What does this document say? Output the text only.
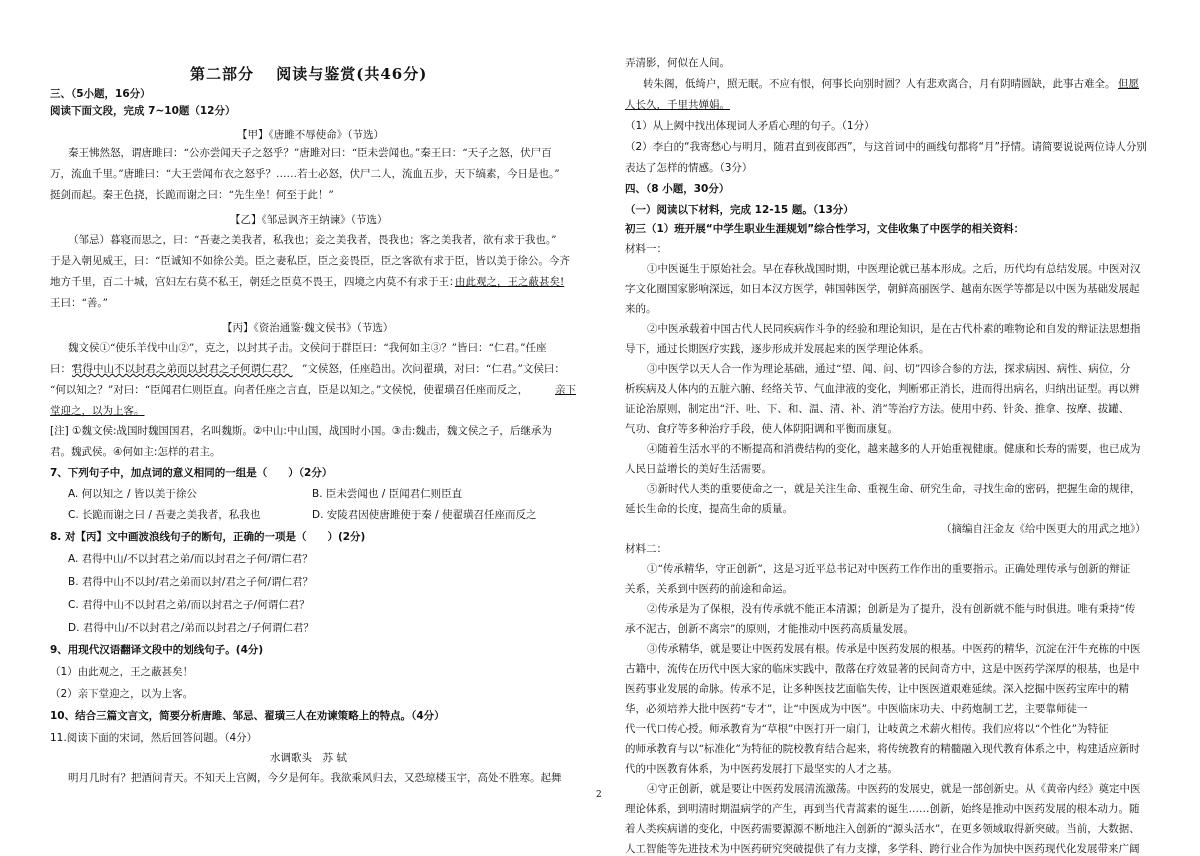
第二部分　 阅读与鉴赏(共46分)
三、（5小题，16分）
阅读下面文段，完成 7~10题（12分）
【甲】《唐雎不辱使命》（节选）
秦王怫然怒，谓唐雎曰：“公亦尝闻天子之怒乎？”唐雎对曰：“臣未尝闻也。”秦王曰：“天子之怒，伏尸百
万，流血千里。”唐雎曰：“大王尝闻布衣之怒乎？……若士必怒，伏尸二人，流血五步，天下缟素，今日是也。”
挺剑而起。秦王色挠，长跪而谢之曰：“先生坐！何至于此！”
【乙】《邹忌讽齐王纳谏》（节选）
（邹忌）暮寝而思之，曰：“吾妻之美我者，私我也；妾之美我者，畏我也；客之美我者，欲有求于我也。”
于是入朝见威王，曰：“臣诚知不如徐公美。臣之妻私臣，臣之妾畏臣，臣之客欲有求于臣，皆以美于徐公。今齐
地方千里，百二十城，宫妇左右莫不私王，朝廷之臣莫不畏王，四境之内莫不有求于王：
由此观之，王之蔽甚矣!
王曰：“善。”
【丙】《资治通鉴·魏文侯书》（节选）
魏文侯①“使乐羊伐中山②”，克之，以封其子击。文侯问于群臣曰：“我何如主③？”皆曰：“仁君。”任座
曰：“
君得中山不以封君之弟而以封君之子何谓仁君？ ”文侯怒，任座趋出。次问翟璜，对曰：“仁君。”文侯曰：
“何以知之？”对曰：“臣闻君仁则臣直。向者任座之言直，臣是以知之。”文侯悦，使翟璜召任座而反之，	亲下
堂迎之，以为上客。
[注] ①魏文侯:战国时魏国国君，名叫魏斯。②中山:中山国，战国时小国。③击:魏击，魏文侯之子，后继承为
君。魏武侯。④何如主:怎样的君主。
7、下列句子中，加点词的意义相同的一组是（　　）（2分）
A. 何以知之 / 皆以美于徐公	B. 臣未尝闻也 / 臣闻君仁则臣直
C. 长跪而谢之曰 / 吾妻之美我者，私我也	D. 安陵君因使唐雎使于秦 / 使翟璜召任座而反之
8. 对【丙】文中画波浪线句子的断句，正确的一项是（　　）(2分)
A. 君得中山/不以封君之弟/而以封君之子何/谓仁君？
B. 君得中山不以封/君之弟而以封/君之子何/谓仁君？
C. 君得中山不以封君之弟/而以封君之子/何谓仁君？
D. 君得中山/不以封君之/弟而以封君之/子何谓仁君？
9、用现代汉语翻译文段中的划线句子。(4分)
（1）由此观之，王之蔽甚矣！
（2）亲下堂迎之，以为上客。
10、结合三篇文言文，简要分析唐雎、邹忌、翟璜三人在劝谏策略上的特点。（4分）
11.阅读下面的宋词，然后回答问题。（4分）
水调歌头　苏 轼
明月几时有？把酒问青天。不知天上宫阙，今夕是何年。我欲乘风归去，又恐琼楼玉宇，高处不胜寒。起舞
弄清影，何似在人间。
转朱阁，低绮户，照无眠。不应有恨，何事长向别时圆？人有悲欢离合，月有阴晴圆缺，此事古难全。 但愿
人长久，千里共婵娟。
（1）从上阙中找出体现词人矛盾心理的句子。（1分）
（2）李白的“我寄愁心与明月，随君直到夜郎西”，与这首词中的画线句都将“月”抒情。请简要说说两位诗人分别
表达了怎样的情感。（3分）
四、（8 小题，30分）
（一）阅读以下材料，完成 12-15 题。（13分）
初三（1）班开展“中学生职业生涯规划”综合性学习，文佳收集了中医学的相关资料：
材料一：
①中医诞生于原始社会。早在春秋战国时期，中医理论就已基本形成。之后，历代均有总结发展。中医对汉
字文化圈国家影响深远，如日本汉方医学，韩国韩医学，朝鲜高丽医学、越南东医学等都是以中医为基础发展起
来的。
②中医承载着中国古代人民同疾病作斗争的经验和理论知识，是在古代朴素的唯物论和自发的辩证法思想指
导下，通过长期医疗实践，逐步形成并发展起来的医学理论体系。
③中医学以天人合一作为理论基础，通过“望、闻、问、切”四诊合参的方法，探求病因、病性、病位，分
析疾病及人体内的五脏六腑、经络关节、气血津液的变化，判断邪正消长，进而得出病名，归纳出证型。再以辨
证论治原则，制定出“汗、吐、下、和、温、清、补、消”等治疗方法。使用中药、针灸、推拿、按摩、拔罐、
气功、食疗等多种治疗手段，使人体阴阳调和平衡而康复。
④随着生活水平的不断提高和消费结构的变化，越来越多的人开始重视健康。健康和长寿的需要，也已成为
人民日益增长的美好生活需要。
⑤新时代人类的重要使命之一，就是关注生命、重视生命、研究生命，寻找生命的密码，把握生命的规律，
延长生命的长度，提高生命的质量。
（摘编自汪金友《给中医更大的用武之地》）
材料二：
①“传承精华，守正创新”，这是习近平总书记对中医药工作作出的重要指示。正确处理传承与创新的辩证
关系，关系到中医药的前途和命运。
②传承是为了保根，没有传承就不能正本清源；创新是为了提升，没有创新就不能与时俱进。唯有秉持“传
承不泥古，创新不离宗”的原则，才能推动中医药高质量发展。
③传承精华，就是要让中医药发展有根。传承是中医药发展的根基。中医药的精华，沉淀在汗牛充栋的中医
古籍中，流传在历代中医大家的临床实践中，散落在疗效显著的民间奇方中，这是中医药学深厚的根基，也是中
医药事业发展的命脉。传承不足，让多种医技艺面临失传，让中医医道艰难延续。深入挖掘中医药宝库中的精
华，必须培养大批中医药“专才”，让“中医成为中医”。中医临床功夫、中药炮制工艺，主要靠师徒一
代一代口传心授。师承教育为“草根”中医打开一扇门，让岐黄之术薪火相传。我们应将以“个性化”为特征
的师承教育与以“标准化”为特征的院校教育结合起来，将传统教育的精髓融入现代教育体系之中，构建适应新时
代的中医教育体系，为中医药发展打下最坚实的人才之基。
④守正创新，就是要让中医药发展清流激荡。中医药的发展史，就是一部创新史。从《黄帝内经》奠定中医
理论体系，到明清时期温病学的产生，再到当代青蒿素的诞生……创新，始终是推动中医药发展的根本动力。随
着人类疾病谱的变化，中医药需要源源不断地注入创新的“源头活水”，在更多领域取得新突破。当前，大数据、
人工智能等先进技术为中医药研究突破提供了有力支撑，多学科、跨行业合作为加快中医药现代化发展带来广阔
2
